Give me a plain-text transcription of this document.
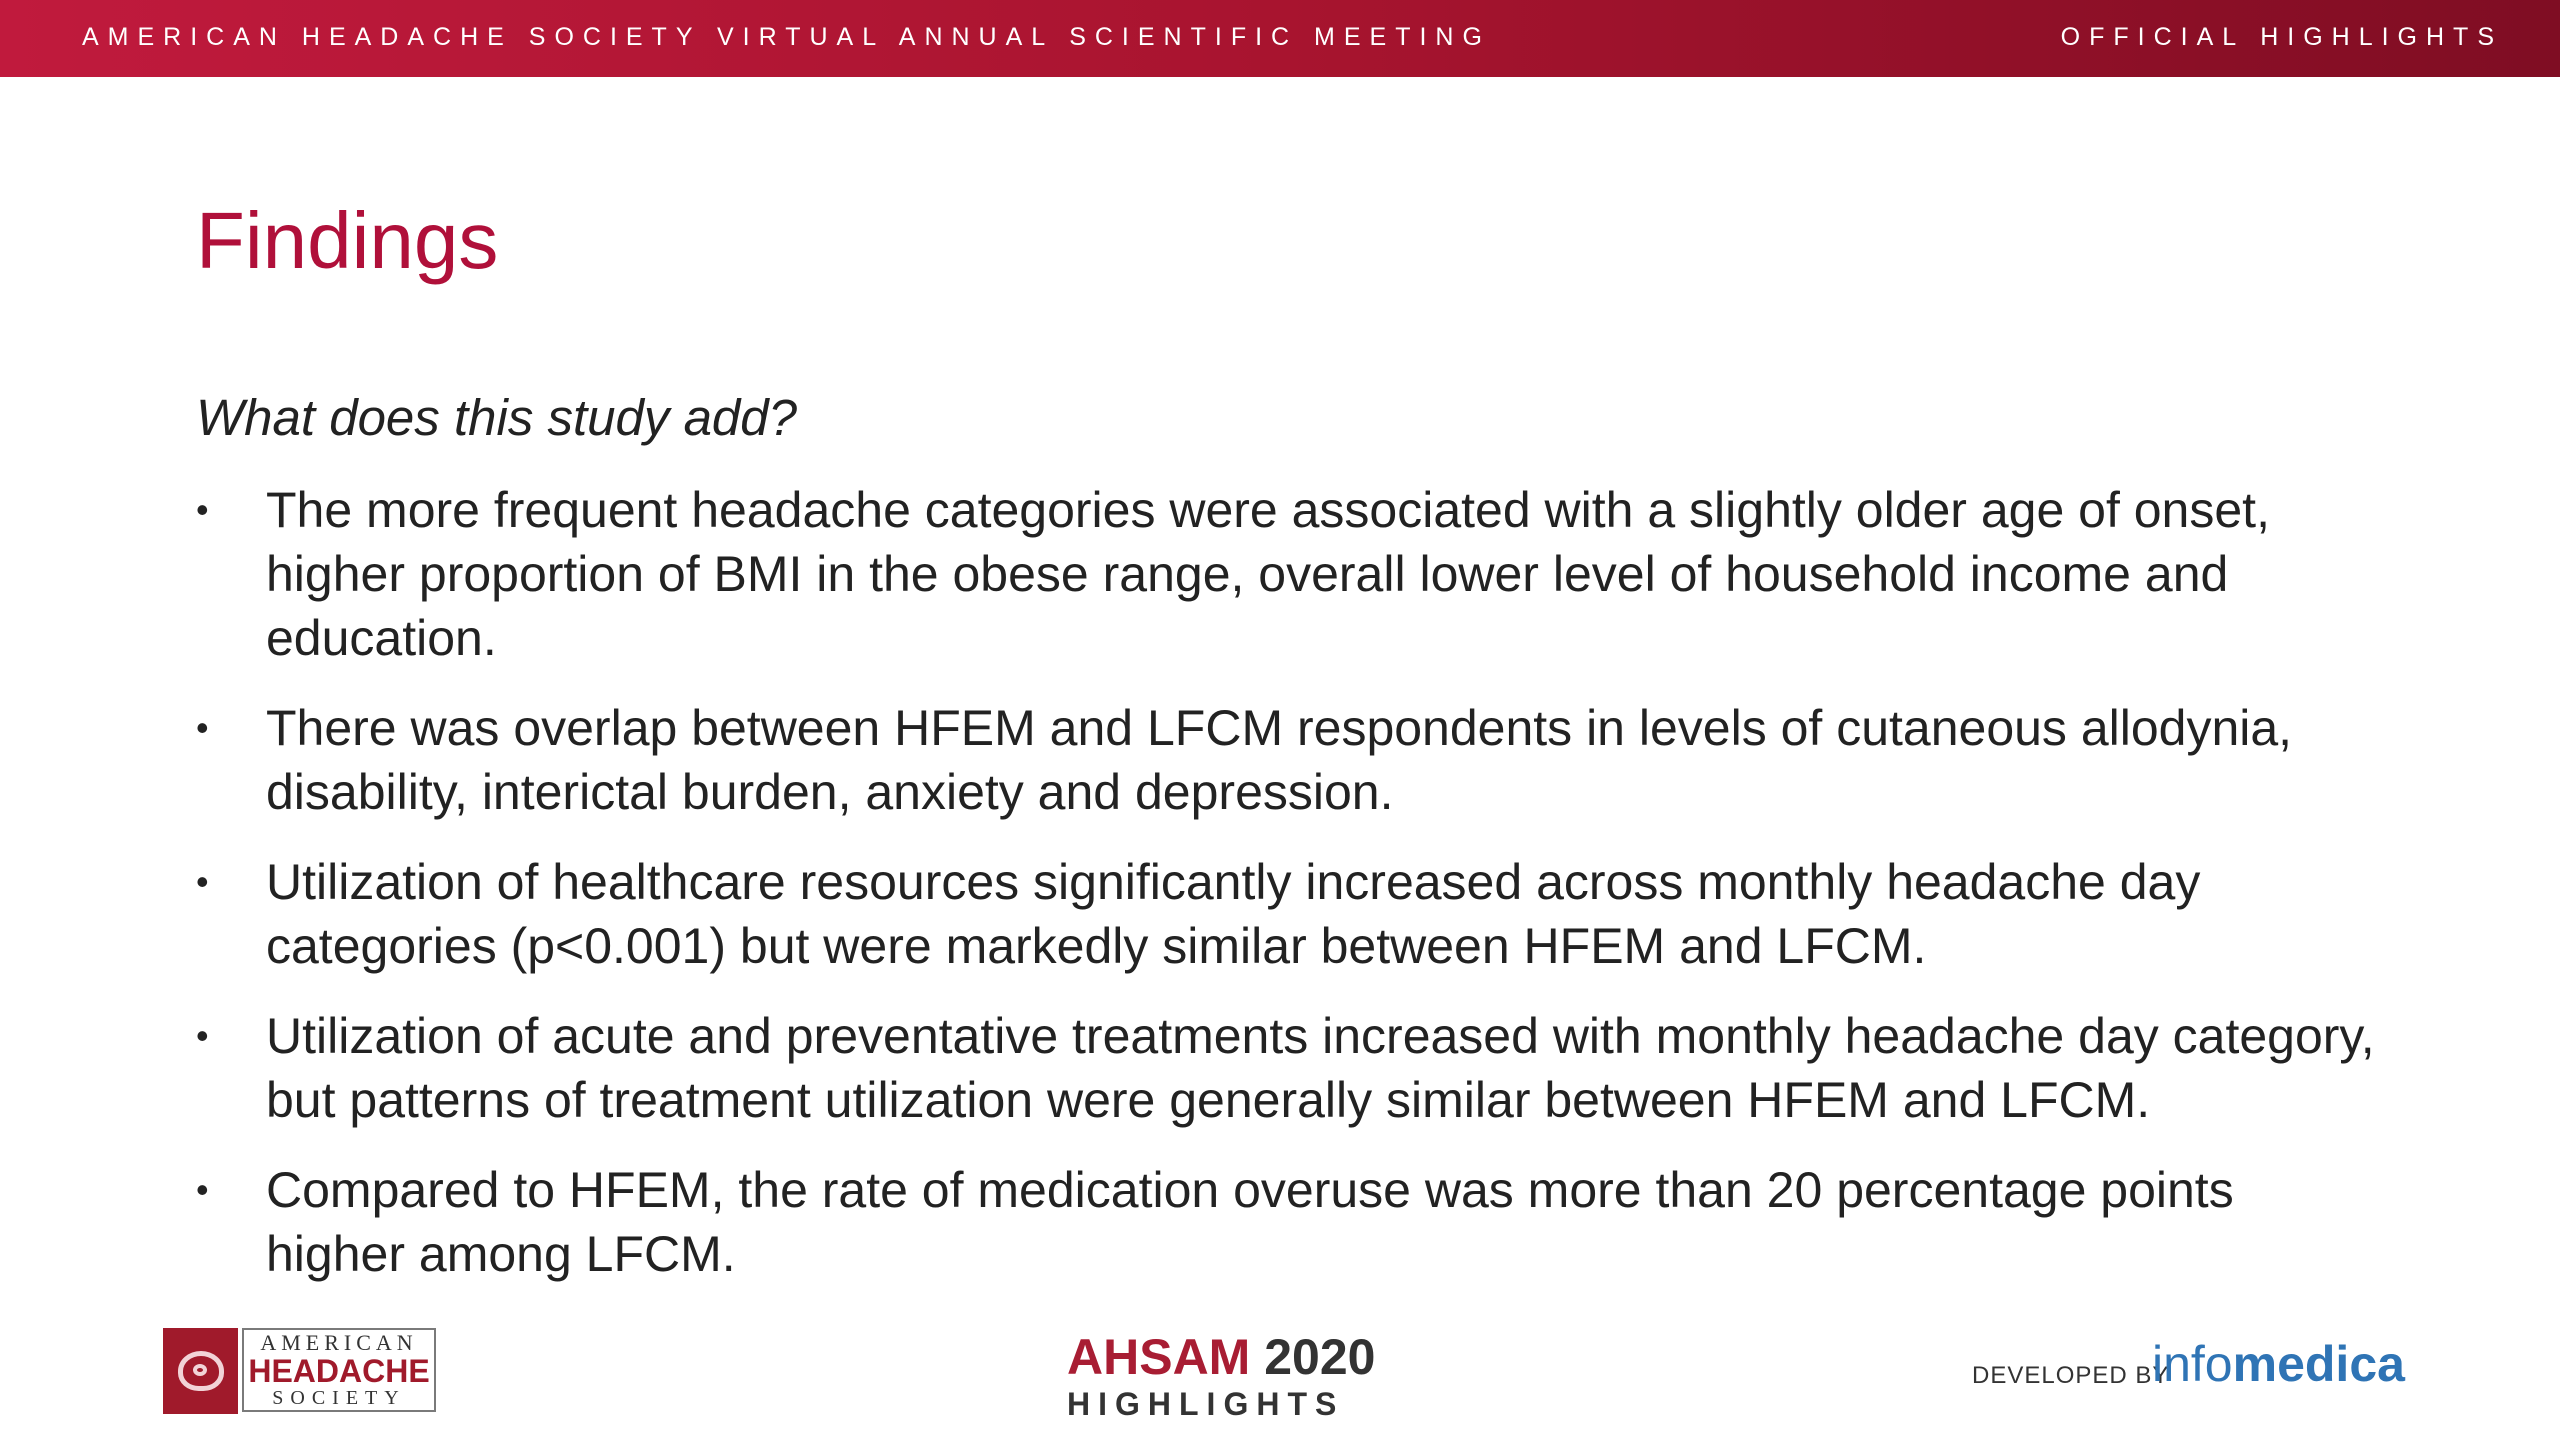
AMERICAN HEADACHE SOCIETY VIRTUAL ANNUAL SCIENTIFIC MEETING	OFFICIAL HIGHLIGHTS
Findings
What does this study add?
• The more frequent headache categories were associated with a slightly older age of onset, higher proportion of BMI in the obese range, overall lower level of household income and education.
• There was overlap between HFEM and LFCM respondents in levels of cutaneous allodynia, disability, interictal burden, anxiety and depression.
• Utilization of healthcare resources significantly increased across monthly headache day categories (p<0.001) but were markedly similar between HFEM and LFCM.
• Utilization of acute and preventative treatments increased with monthly headache day category, but patterns of treatment utilization were generally similar between HFEM and LFCM.
• Compared to HFEM, the rate of medication overuse was more than 20 percentage points higher among LFCM.
AMERICAN
HEADACHE
SOCIETY
AHSAM 2020
HIGHLIGHTS
DEVELOPED BY
infomedica
